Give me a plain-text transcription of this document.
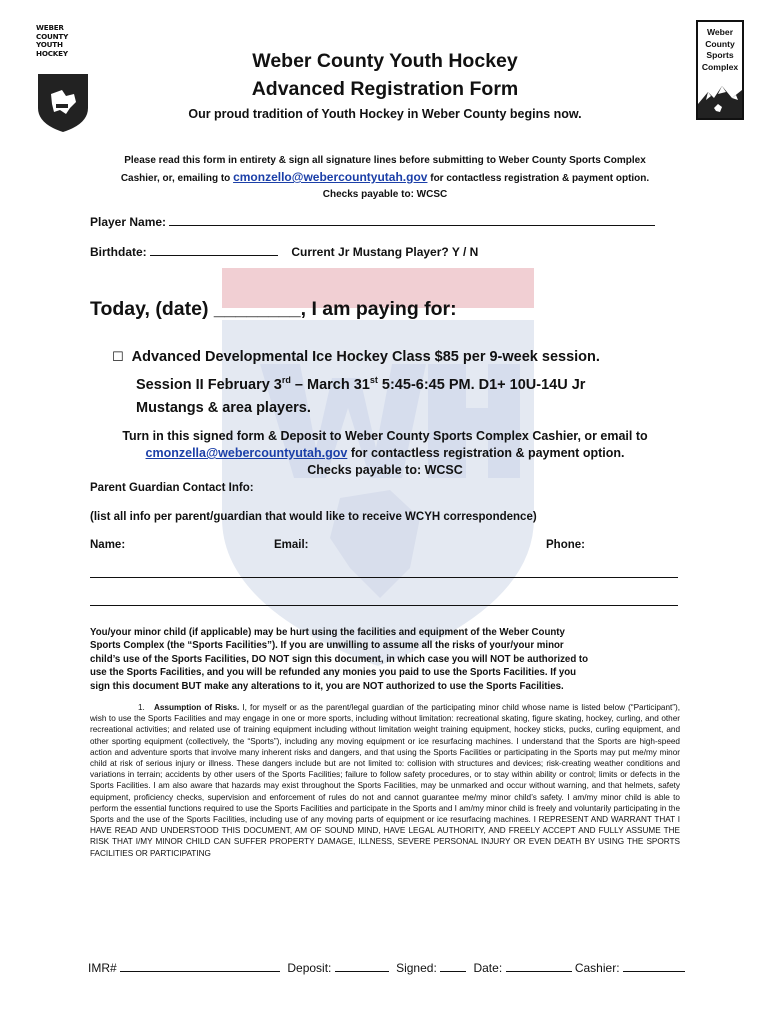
WEBER COUNTY
YOUTH HOCKEY
Weber
County
Sports
Complex
Weber County Youth Hockey
Advanced Registration Form
Our proud tradition of Youth Hockey in Weber County begins now.
Please read this form in entirety & sign all signature lines before submitting to Weber County Sports Complex
Cashier, or, emailing to cmonzello@webercountyutah.gov for contactless registration & payment option.
Checks payable to: WCSC
Player Name:
Birthdate:	Current Jr Mustang Player? Y / N
Today, (date) ________, I am paying for:
☐ Advanced Developmental Ice Hockey Class $85 per 9-week session.
Session II February 3rd – March 31st 5:45-6:45 PM. D1+ 10U-14U Jr
Mustangs & area players.
Turn in this signed form & Deposit to Weber County Sports Complex Cashier, or email to
cmonzella@webercountyutah.gov for contactless registration & payment option.
Checks payable to: WCSC
Parent Guardian Contact Info:
(list all info per parent/guardian that would like to receive WCYH correspondence)
Name:	Email:	Phone:
You/your minor child (if applicable) may be hurt using the facilities and equipment of the Weber County
Sports Complex (the “Sports Facilities”). If you are unwilling to assume all the risks of your/your minor
child’s use of the Sports Facilities, DO NOT sign this document, in which case you will NOT be authorized to
use the Sports Facilities, and you will be refunded any monies you paid to use the Sports Facilities. If you
sign this document BUT make any alterations to it, you are NOT authorized to use the Sports Facilities.
1. Assumption of Risks. I, for myself or as the parent/legal guardian of the participating minor child whose name is listed below (“Participant”), wish to use the Sports Facilities and may engage in one or more sports, including without limitation: recreational skating, figure skating, hockey, curling, and other recreational activities; and related use of training equipment including without limitation weight training equipment, hockey sticks, pucks, curling equipment, and other sporting equipment (collectively, the “Sports”), including any moving equipment or ice resurfacing machines. I understand that the Sports are high-speed action and adventure sports that involve many inherent risks and dangers, and that using the Sports Facilities or participating in the Sports may put me/my minor child at risk of serious injury or illness. These dangers include but are not limited to: collision with structures and devices; risk-creating weather conditions and variations in terrain; accidents by other users of the Sports Facilities; failure to follow safety procedures, or to stay within ability or control; limits or defects in the Sports Facilities. I am also aware that hazards may exist throughout the Sports Facilities, may be unmarked and occur without warning, and that helmets, safety equipment, proficiency checks, supervision and enforcement of rules do not and cannot guarantee me/my minor child’s safety. I am/my minor child is able to perform the essential functions required to use the Sports Facilities and participate in the Sports and I am/my minor child is freely and voluntarily participating in the Sports and the use of the Sports Facilities, including use of any moving parts of equipment or ice resurfacing machines. I REPRESENT AND WARRANT THAT I HAVE READ AND UNDERSTOOD THIS DOCUMENT, AM OF SOUND MIND, HAVE LEGAL AUTHORITY, AND FREELY ACCEPT AND FULLY ASSUME THE RISK THAT I/MY MINOR CHILD CAN SUFFER PROPERTY DAMAGE, ILLNESS, SEVERE PERSONAL INJURY OR EVEN DEATH BY USING THE SPORTS FACILITIES OR PARTICIPATING
IMR#	Deposit:	Signed:	Date:	Cashier:
